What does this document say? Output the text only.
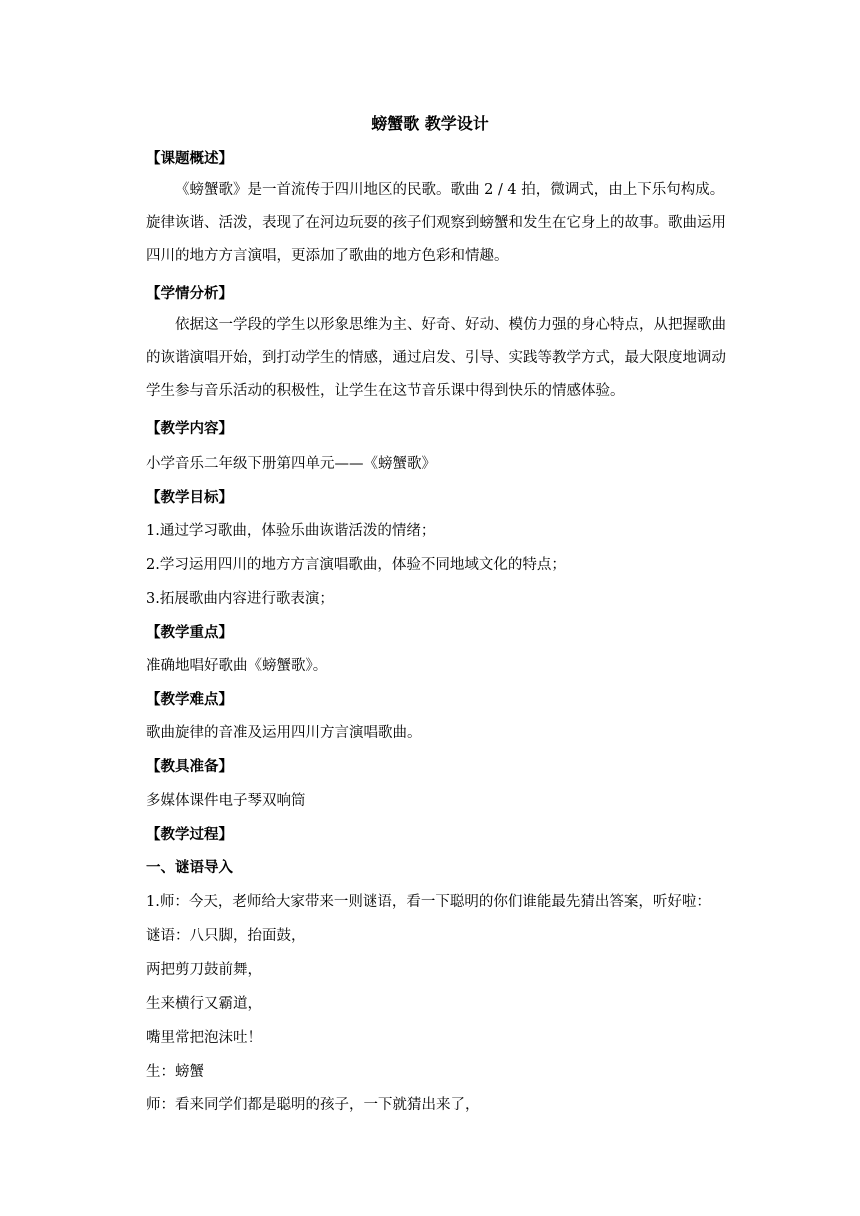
螃蟹歌 教学设计
【课题概述】

《螃蟹歌》是一首流传于四川地区的民歌。歌曲 2 / 4 拍，微调式，由上下乐句构成。旋律诙谐、活泼，表现了在河边玩耍的孩子们观察到螃蟹和发生在它身上的故事。歌曲运用四川的地方方言演唱，更添加了歌曲的地方色彩和情趣。

【学情分析】

依据这一学段的学生以形象思维为主、好奇、好动、模仿力强的身心特点，从把握歌曲的诙谐演唱开始，到打动学生的情感，通过启发、引导、实践等教学方式，最大限度地调动学生参与音乐活动的积极性，让学生在这节音乐课中得到快乐的情感体验。

【教学内容】
小学音乐二年级下册第四单元——《螃蟹歌》
【教学目标】
1.通过学习歌曲，体验乐曲诙谐活泼的情绪；
2.学习运用四川的地方方言演唱歌曲，体验不同地域文化的特点；
3.拓展歌曲内容进行歌表演；
【教学重点】
准确地唱好歌曲《螃蟹歌》。
【教学难点】
歌曲旋律的音准及运用四川方言演唱歌曲。
【教具准备】
多媒体课件电子琴双响筒
【教学过程】
一、谜语导入
1.师：今天，老师给大家带来一则谜语，看一下聪明的你们谁能最先猜出答案，听好啦：
谜语：八只脚，抬面鼓，
两把剪刀鼓前舞，
生来横行又霸道，
嘴里常把泡沫吐！
生：螃蟹
师：看来同学们都是聪明的孩子，一下就猜出来了，
